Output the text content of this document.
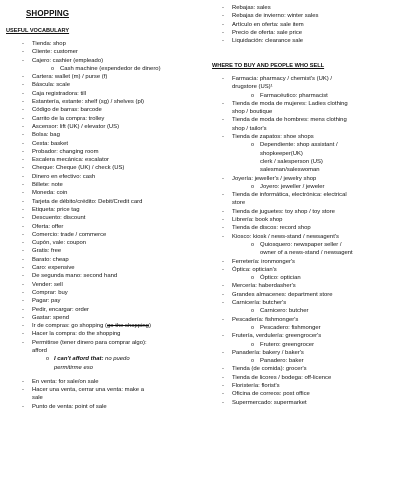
SHOPPING
USEFUL VOCABULARY
- Tienda: shop
- Cliente: customer
- Cajero: cashier (empleado)
o Cash machine (expendedor de dinero)
- Cartera: wallet (m) / purse (f)
- Báscula: scale
- Caja registradora: till
- Estantería, estante: shelf (sg) / shelves (pl)
- Código de barras: barcode
- Carrito de la compra: trolley
- Ascensor: lift (UK) / elevator (US)
- Bolsa: bag
- Cesta: basket
- Probador: changing room
- Escalera mecánica: escalator
- Cheque: Cheque (UK) / check (US)
- Dinero en efectivo: cash
- Billete: note
- Moneda: coin
- Tarjeta de débito/crédito: Debit/Credit card
- Etiqueta: price tag
- Descuento: discount
- Oferta: offer
- Comercio: trade / commerce
- Cupón, vale: coupon
- Gratis: free
- Barato: cheap
- Caro: expensive
- De segunda mano: second hand
- Vender: sell
- Comprar: buy
- Pagar: pay
- Pedir, encargar: order
- Gastar: spend
- Ir de compras: go shopping (go the shopping)
- Hacer la compra: do the shopping
- Permitirse (tener dinero para comprar algo):
afford
o I can't afford that: no puedo
permitirme eso
- En venta: for sale/on sale
- Hacer una venta, cerrar una venta: make a
sale
- Punto de venta: point of sale
- Rebajas: sales
- Rebajas de invierno: winter sales
- Artículo en oferta: sale item
- Precio de oferta: sale price
- Liquidación: clearance sale
WHERE TO BUY AND PEOPLE WHO SELL
- Farmacia: pharmacy / chemist's (UK) /
drugstore (US)¹
o Farmacéutico: pharmacist
- Tienda de moda de mujeres: Ladies clothing
shop / boutique
- Tienda de moda de hombres: mens clothing
shop / tailor's
- Tienda de zapatos: shoe shops
o Dependiente: shop assistant /
shopkeeper(UK)
clerk / salesperson (US)
salesman/saleswoman
- Joyería: jeweller's / jewelry shop
o Joyero: jeweller / jeweler
- Tienda de informática, electrónica: electrical
store
- Tienda de juguetes: toy shop / toy store
- Librería: book shop
- Tienda de discos: record shop
- Kiosco: kiosk / news-stand / newsagent's
o Quiosquero: newspaper seller /
owner of a news-stand / newsagent
- Ferretería: ironmonger's
- Óptica: optician's
o Óptico: optician
- Mercería: haberdasher's
- Grandes almacenes: department store
- Carnicería: butcher's
o Carnicero: butcher
- Pescadería: fishmonger's
o Pescadero: fishmonger
- Frutería, verdulería: greengrocer's
o Frutero: greengrocer
- Panadería: bakery / baker's
o Panadero: baker
- Tienda (de comida): grocer's
- Tienda de licores / bodega: off-licence
- Floristería: florist's
- Oficina de correos: post office
- Supermercado: supermarket
